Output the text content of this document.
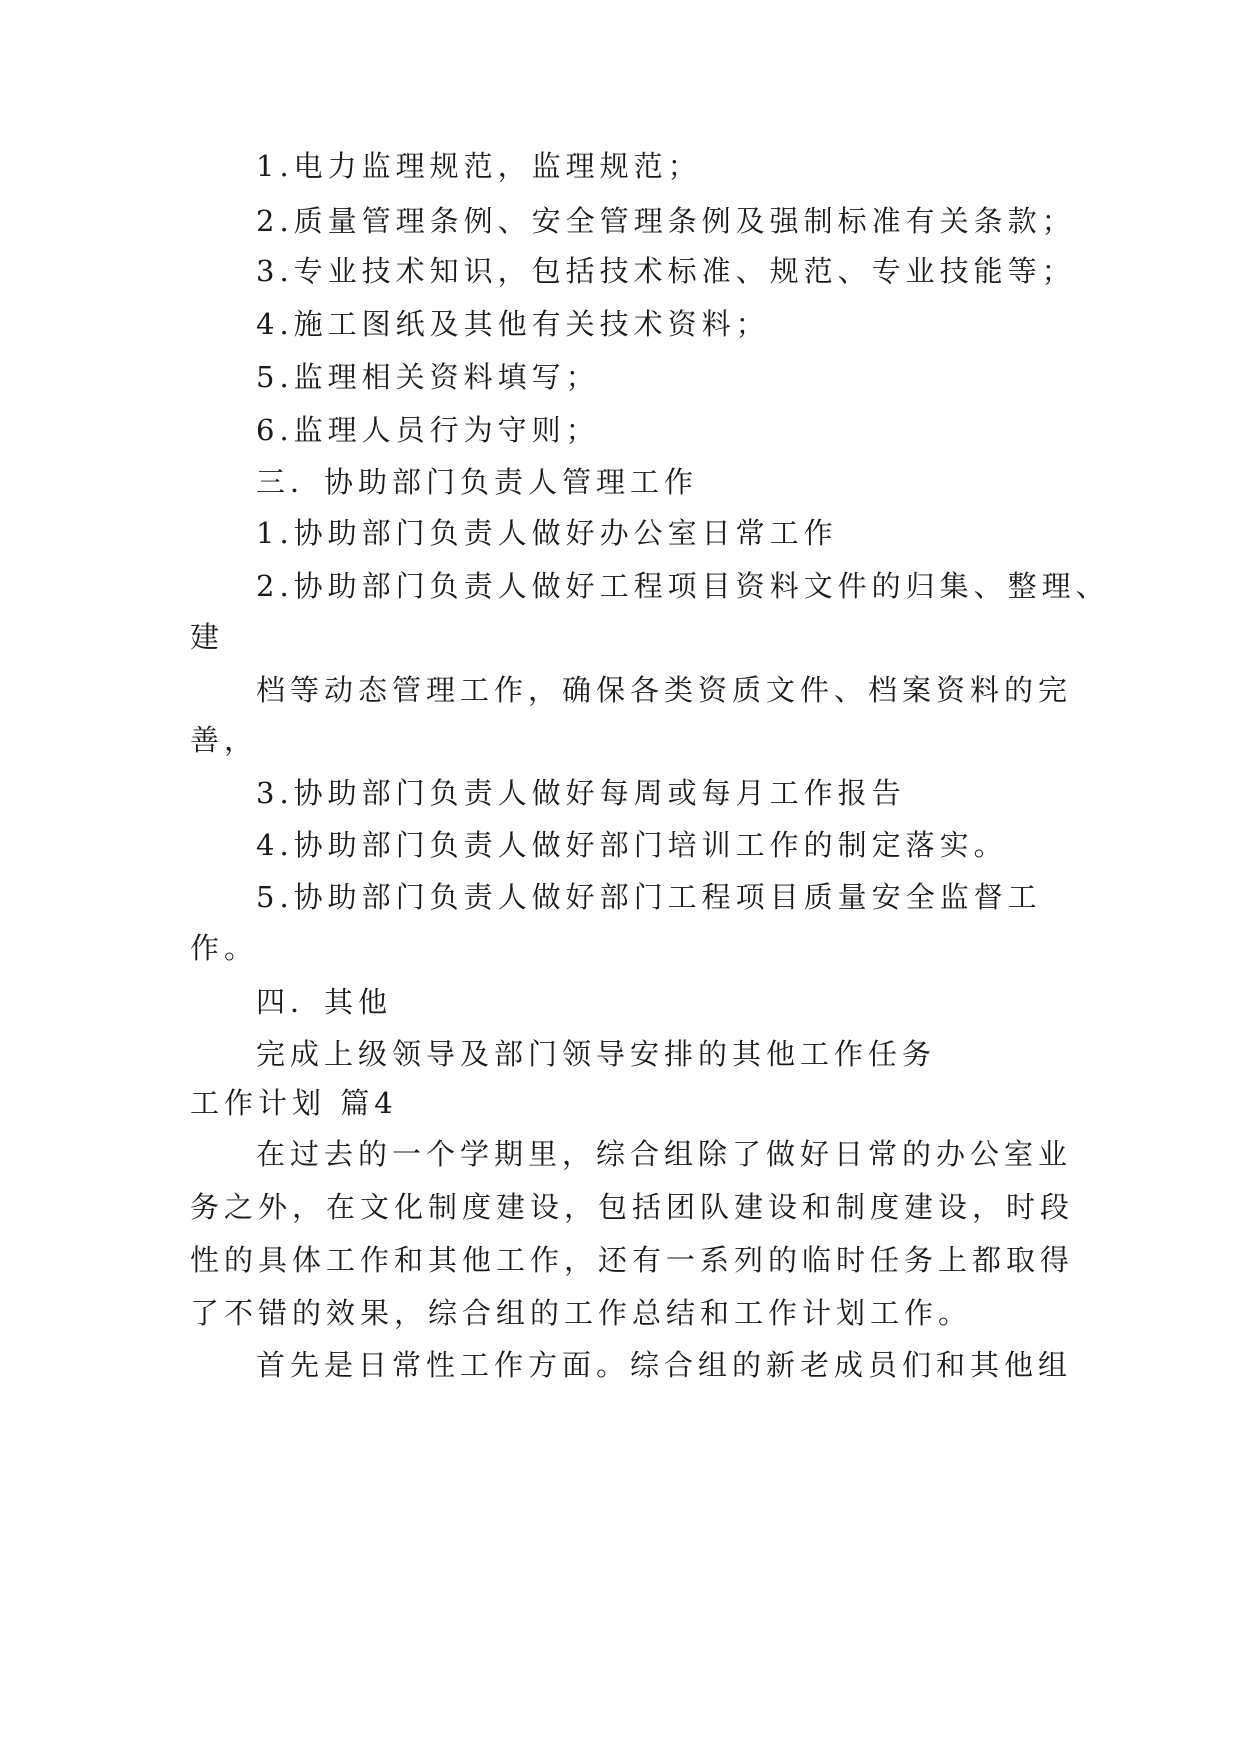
1.电力监理规范，监理规范；
2.质量管理条例、安全管理条例及强制标准有关条款；
3.专业技术知识，包括技术标准、规范、专业技能等；
4.施工图纸及其他有关技术资料；
5.监理相关资料填写；
6.监理人员行为守则；
三．协助部门负责人管理工作
1.协助部门负责人做好办公室日常工作
2.协助部门负责人做好工程项目资料文件的归集、整理、
建
档等动态管理工作，确保各类资质文件、档案资料的完
善，
3.协助部门负责人做好每周或每月工作报告
4.协助部门负责人做好部门培训工作的制定落实。
5.协助部门负责人做好部门工程项目质量安全监督工
作。
四．其他
完成上级领导及部门领导安排的其他工作任务
工作计划 篇4
在过去的一个学期里，综合组除了做好日常的办公室业
务之外，在文化制度建设，包括团队建设和制度建设，时段
性的具体工作和其他工作，还有一系列的临时任务上都取得
了不错的效果，综合组的工作总结和工作计划工作。
首先是日常性工作方面。综合组的新老成员们和其他组
